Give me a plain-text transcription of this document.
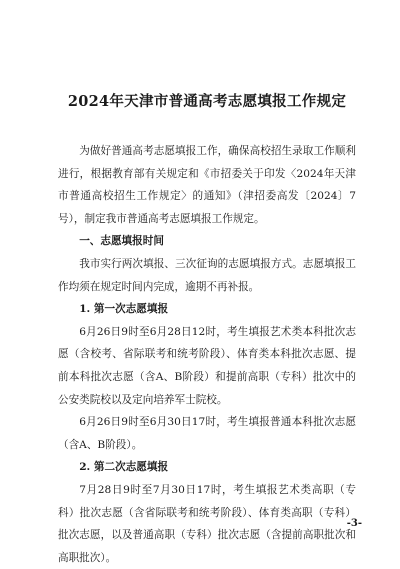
2024年天津市普通高考志愿填报工作规定

为做好普通高考志愿填报工作，确保高校招生录取工作顺利进行，根据教育部有关规定和《市招委关于印发〈2024年天津市普通高校招生工作规定〉的通知》（津招委高发〔2024〕7号），制定我市普通高考志愿填报工作规定。

一、志愿填报时间

我市实行两次填报、三次征询的志愿填报方式。志愿填报工作均须在规定时间内完成，逾期不再补报。

1. 第一次志愿填报

6月26日9时至6月28日12时，考生填报艺术类本科批次志愿（含校考、省际联考和统考阶段）、体育类本科批次志愿、提前本科批次志愿（含A、B阶段）和提前高职（专科）批次中的公安类院校以及定向培养军士院校。

6月26日9时至6月30日17时，考生填报普通本科批次志愿（含A、B阶段）。

2. 第二次志愿填报

7月28日9时至7月30日17时，考生填报艺术类高职（专科）批次志愿（含省际联考和统考阶段）、体育类高职（专科）批次志愿，以及普通高职（专科）批次志愿（含提前高职批次和高职批次）。

-3-
